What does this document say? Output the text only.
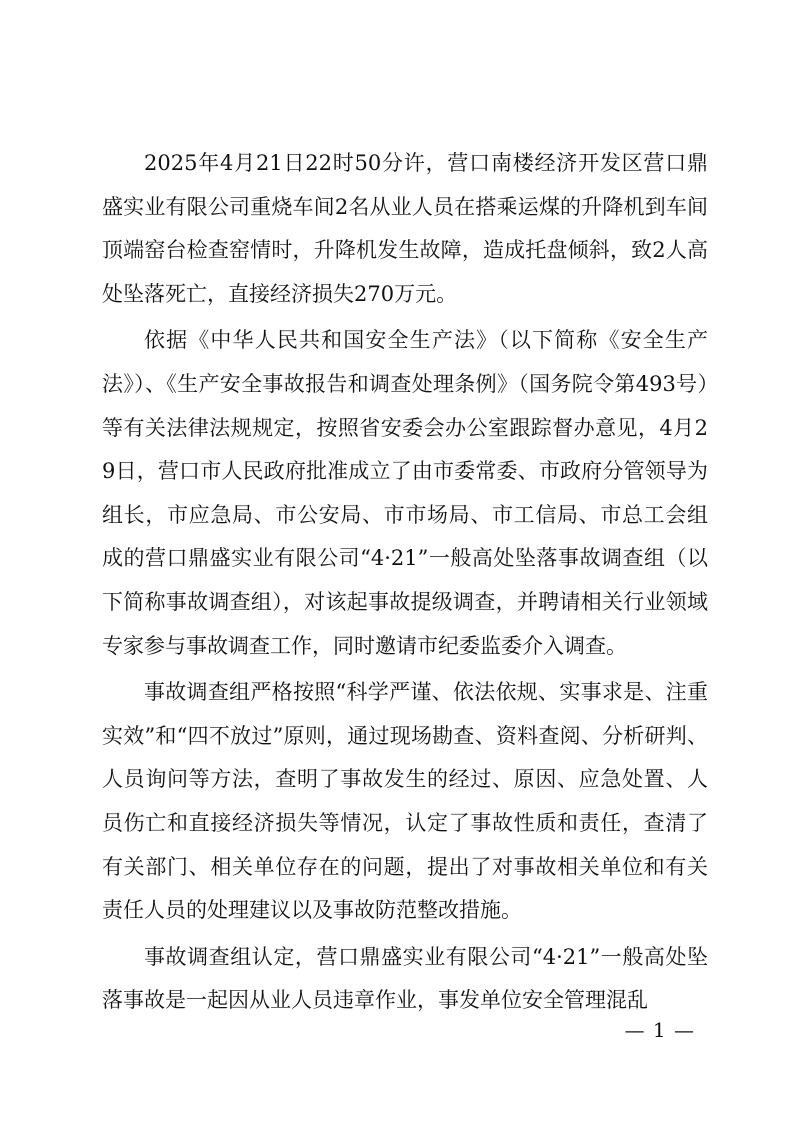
2025年4月21日22时50分许，营口南楼经济开发区营口鼎盛实业有限公司重烧车间2名从业人员在搭乘运煤的升降机到车间顶端窑台检查窑情时，升降机发生故障，造成托盘倾斜，致2人高处坠落死亡，直接经济损失270万元。

依据《中华人民共和国安全生产法》（以下简称《安全生产法》）、《生产安全事故报告和调查处理条例》（国务院令第493号）等有关法律法规规定，按照省安委会办公室跟踪督办意见，4月29日，营口市人民政府批准成立了由市委常委、市政府分管领导为组长，市应急局、市公安局、市市场局、市工信局、市总工会组成的营口鼎盛实业有限公司“4·21”一般高处坠落事故调查组（以下简称事故调查组），对该起事故提级调查，并聘请相关行业领域专家参与事故调查工作，同时邀请市纪委监委介入调查。

事故调查组严格按照“科学严谨、依法依规、实事求是、注重实效”和“四不放过”原则，通过现场勘查、资料查阅、分析研判、人员询问等方法，查明了事故发生的经过、原因、应急处置、人员伤亡和直接经济损失等情况，认定了事故性质和责任，查清了有关部门、相关单位存在的问题，提出了对事故相关单位和有关责任人员的处理建议以及事故防范整改措施。

事故调查组认定，营口鼎盛实业有限公司“4·21”一般高处坠落事故是一起因从业人员违章作业，事发单位安全管理混乱

— 1 —
